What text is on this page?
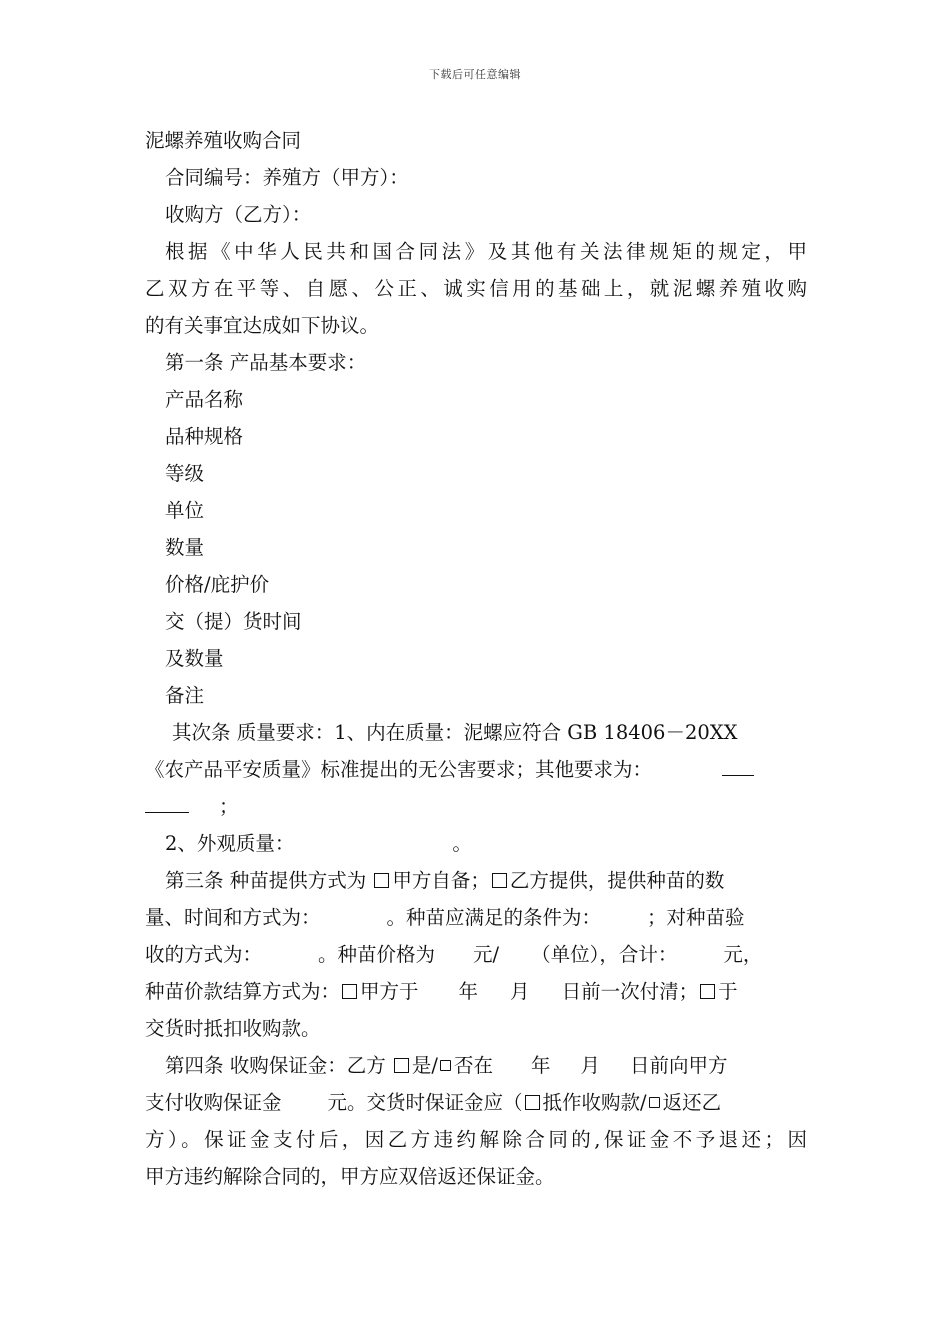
下载后可任意编辑
泥螺养殖收购合同
合同编号：养殖方（甲方）：
收购方（乙方）：
根据《中华人民共和国合同法》及其他有关法律规矩的规定，甲
乙双方在平等、自愿、公正、诚实信用的基础上，就泥螺养殖收购
的有关事宜达成如下协议。
第一条 产品基本要求：
产品名称
品种规格
等级
单位
数量
价格/庇护价
交（提）货时间
及数量
备注
其次条 质量要求：1、内在质量：泥螺应符合 GB 18406－20XX
《农产品平安质量》标准提出的无公害要求；其他要求为：
；
2、外观质量：	。
第三条 种苗提供方式为 甲方自备； 乙方提供，提供种苗的数
量、时间和方式为：	。种苗应满足的条件为： ；对种苗验
收的方式为：	。种苗价格为 元/ （单位），合计： 元，
种苗价款结算方式为： 甲方于 年 月 日前一次付清； 于
交货时抵扣收购款。
第四条 收购保证金：乙方 是/ 否在 年 月 日前向甲方
支付收购保证金 元。交货时保证金应（ 抵作收购款/ 返还乙
方）。保证金支付后，因乙方违约解除合同的,保证金不予退还；因
甲方违约解除合同的，甲方应双倍返还保证金。
